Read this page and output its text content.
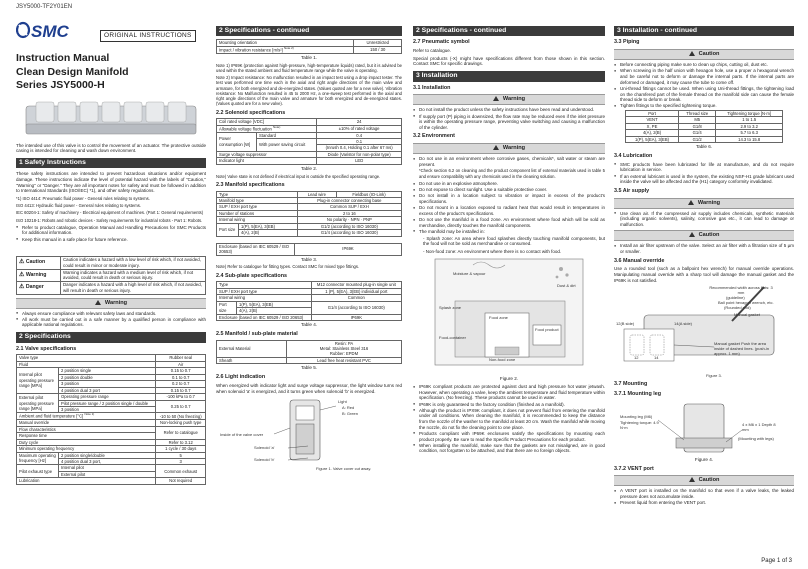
JSY5000-TF2Y01EN
SMC	ORIGINAL INSTRUCTIONS
Instruction Manual
Clean Design Manifold
Series JSY5000-H

The intended use of this valve is to control the movement of an actuator. The protective outside casing is intended for cleaning and wash down environment.

1 Safety Instructions

These safety instructions are intended to prevent hazardous situations and/or equipment damage. These instructions indicate the level of potential hazard with the labels of "Caution," "Warning" or "Danger." They are all important notes for safety and must be followed in addition to International Standards (ISO/IEC) *1), and other safety regulations.

*1) ISO 4414: Pneumatic fluid power - General rules relating to systems.

ISO 4413: Hydraulic fluid power - General rules relating to systems.

IEC 60204-1: Safety of machinery - Electrical equipment of machines. (Part 1: General requirements)

ISO 10218-1: Robots and robotic devices - Safety requirements for industrial robots - Part 1: Robots.

● Refer to product catalogue, Operation Manual and Handling Precautions for SMC Products for additional information.
● Keep this manual in a safe place for future reference.
⚠ Caution	Caution indicates a hazard with a low level of risk which, if not avoided, could result in minor or moderate injury.
⚠ Warning	Warning indicates a hazard with a medium level of risk which, if not avoided, could result in death or serious injury.
⚠ Danger	Danger indicates a hazard with a high level of risk which, if not avoided, will result in death or serious injury.
Warning
● Always ensure compliance with relevant safety laws and standards.
● All work must be carried out in a safe manner by a qualified person in compliance with applicable national regulations.
2 Specifications
2.1 Valve specifications
Valve type		Rubber seal
Fluid		Air
Internal pilot operating pressure range [MPa]	2 position single	0.15 to 0.7
	2 position double	0.1 to 0.7
	3 position	0.2 to 0.7
	4 position dual 3 port	0.15 to 0.7
External pilot operating pressure range [MPa]	Operating pressure range	-100 kPa to 0.7
	Pilot pressure range / 2 position single / double	0.25 to 0.7
	3 position	
Ambient and fluid temperature [°C] $^{Note 1)}$		-10 to 50 (No freezing)
Manual override		Non-locking push type
Flow characteristics		Refer to catalogue
Response time		
Duty cycle		Refer to 3.12
Minimum operating frequency		1 cycle / 30 days
Maximum operating frequency [Hz]	2 position single/double	5
	4 position dual 3 port,	3
Pilot exhaust type	Internal pilot	Common exhaust
	External pilot	
Lubrication		Not required
2 Specifications - continued
Mounting orientation	Unrestricted
Impact / vibration resistance [m/s²] $^{Note 2)}$	150 / 30
Table 1.

Note 1) IP69K (protection against high-pressure, high-temperature liquids) rated, but it is advised be used within the stated ambient and fluid temperature range while the valve is operating.

Note 2) Impact resistance: No malfunction resulted in an impact test using a drop impact tester. The test was performed one time each in the axial and right angle directions of the main valve and armature, for both energized and de-energized states. (Values quoted are for a new valve). Vibration resistance: No Malfunction resulted in 45 to 2000 Hz, a one-sweep test performed in the axial and right angle directions of the main valve and armature for both energized and de-energized states. (Values quoted are for a new valve).

2.2 Solenoid specifications
Coil rated voltage [VDC]		24
Allowable voltage fluctuation $^{Note)}$		±10% of rated voltage
Power consumption [W]	Standard	0.4
	With power saving circuit	0.1
		(Inrush 0.4, Holding 0.1 after 67 ms)
Surge voltage suppressor		Diode (Varistor for non-polar type)
Indicator light		LED
Table 2.

Note) Valve state is not defined if electrical input is outside the specified operating range.

2.3 Manifold specifications
Type		Lead wire	Fieldbus (IO-Link)
Manifold type		Plug-in connector connecting base	
SUP / EXH port type		Common SUP / EXH	
Number of stations		2 to 16	
Internal wiring		No polarity · NPN · PNP	
Port size	1(P), 5(EA), 3(EB)	G1/2 (according to ISO 16030)	
	4(A), 2(B)	G1/4 (according to ISO 16030)	
Enclosure (based on IEC 60529 / ISO 20653)	IP69K
Table 3.

Note) Refer to catalogue for fitting types. Contact SMC for mixed type fittings.

2.4 Sub-plate specifications
Type		M12 connector mounted plug-in single unit
SUP / EXH port type		1 (P), 5(EA), 3(EB) individual port
Internal wiring		Common
Port size	1(P), 5(EA), 3(EB)	G1/4 (according to ISO 16030)
	4(A), 2(B)	
Enclosure (based on IEC 60529 / ISO 20653)		IP69K
Table 4.
2.5 Manifold / sub-plate material
External Material	Resin: PA
Metal: Stainless Steel 316
Rubber: EPDM

Sheath	Lead free heat resistant PVC
Table 5.
2.6 Light indication

When energized with indicator light and surge voltage suppressor, the light window turns red when solenoid 'a' is energized, and it turns green when solenoid 'b' is energized.

Light
A: Red
B: Green
Inside of the valve cover
Solenoid 'a'
Solenoid 'b'
Figure 1. Valve cover cut away.
2 Specifications - continued
2.7 Pneumatic symbol

Refer to catalogue.

Special products (-X) might have specifications different from those shown in this section. Contact SMC for specific drawings.

3 Installation
3.1 Installation
Warning
● Do not install the product unless the safety instructions have been read and understood.
● If supply port (P) piping is downsized, the flow rate may be reduced even if the inlet pressure is within the operating pressure range, preventing valve switching and causing a malfunction of the cylinder.
3.2 Environment
Warning
● Do not use in an environment where corrosive gases, chemicals*, salt water or steam are present.

*Check section 6.2 on cleaning and the product component list of external materials used in table 5 and ensure compatibility with any chemicals used in the cleaning solution.

● Do not use in an explosive atmosphere.
● Do not expose to direct sunlight. Use a suitable protective cover.
● Do not install in a location subject to vibration or impact in excess of the product's specifications.
● Do not mount in a location exposed to radiant heat that would result in temperatures in excess of the product's specifications.
● Do not use the manifold in a food zone. An environment where food which will be sold as merchandise, directly touches the manifold components.
● The manifold may be installed in:

- Splash zone: An area where food splashes directly touching manifold components, but the food will not be sold as merchandise or consumed.

- Non-food zone: An environment where there is no contact with food.

Moisture & vapour
Dust & dirt
Splash zone
Food zone
Food-container
Food product
Non-food zone
Figure 2.
● IP69K compliant products are protected against dust and high pressure hot water jetwash. However, when operating a valve, keep the ambient temperature and fluid temperature within specification. (No freezing). These products cannot be used in water.
● IP69K is only guaranteed to the factory condition (finished as a manifold).
● Although the product is IPX9K compliant, it does not prevent fluid from entering the manifold under all conditions. When cleaning the manifold, it is recommended to keep the distance from the nozzle of the washer to the manifold at least 20 cm. Wash the manifold while moving the nozzle, do not fix the cleaning point to one place.
● Products compliant with IP69K enclosures satisfy the specifications by mounting each product properly. Be sure to read the Specific Product Precautions for each product.
● When installing the manifold, make sure that the gaskets are not misaligned, are in good condition, not forgotten to be attached, and that there are no foreign objects.
3 Installation - continued
3.3 Piping
Caution
● Before connecting piping make sure to clean up chips, cutting oil, dust etc.
● When screwing in the half union with hexagon hole, use a proper a hexagonal wrench and be careful not to deform or damage the internal parts. If the internal parts are deformed or damaged, it may cause the tube to come off.
● Uni-thread fittings cannot be used. When using Uni-thread fittings, the tightening load on the chamfered part of the female thread on the manifold side can cause the female thread side to deform or break.
● Tighten fittings to the specified tightening torque.
Port	Thread size	Tightening torque [N·m]
VENT	M5	1 to 1.5
X, PE	G1/8	2.9 to 3.2
4(A), 2(B)	G1/4	5.7 to 6.3
1(P), 5(EA), 3(EB)	G1/2	14.3 to 15.8
Table 6.
3.4 Lubrication
● SMC products have been lubricated for life at manufacture, and do not require lubrication in service.
● If an external lubricant is used in the system, the existing NSF-H1 grade lubricant used inside the valve will be affected and the (H1) category conformity invalidated.
3.5 Air supply
Warning
● Use clean air. If the compressed air supply includes chemicals, synthetic materials (including organic solvents), salinity, corrosive gas etc., it can lead to damage or malfunction.
Caution
● Install an air filter upstream of the valve. Select an air filter with a filtration size of 5 µm or smaller.
3.6 Manual override

Use a rounded tool (such as a ballpoint hex wrench) for manual override operations. Manipulating manual override with a sharp tool will damage the manual gasket and the IP69K is not satisfied.

Recommended width across flats: 3 mm
(guideline)
Ball point hexagon wrench, etc.
(Rounded end)
Manual gasket
12(B side)	14(A side)
12	14
Manual gasket Push the area inside of dashed lines. (push-in approx. 1 mm)
Figure 3.
3.7 Mounting
3.7.1 Mounting leg
Mounting leg (M6)
Tightening torque: 4.9 N·m
4 x M6 x 1 Depth 8 mm
(Mounting with legs)
Figure 4.
3.7.2 VENT port
Caution
● A VENT port is installed on the manifold so that even if a valve leaks, the leaked pressure does not accumulate inside.
● Prevent liquid from entering the VENT port.
Page 1 of 3
